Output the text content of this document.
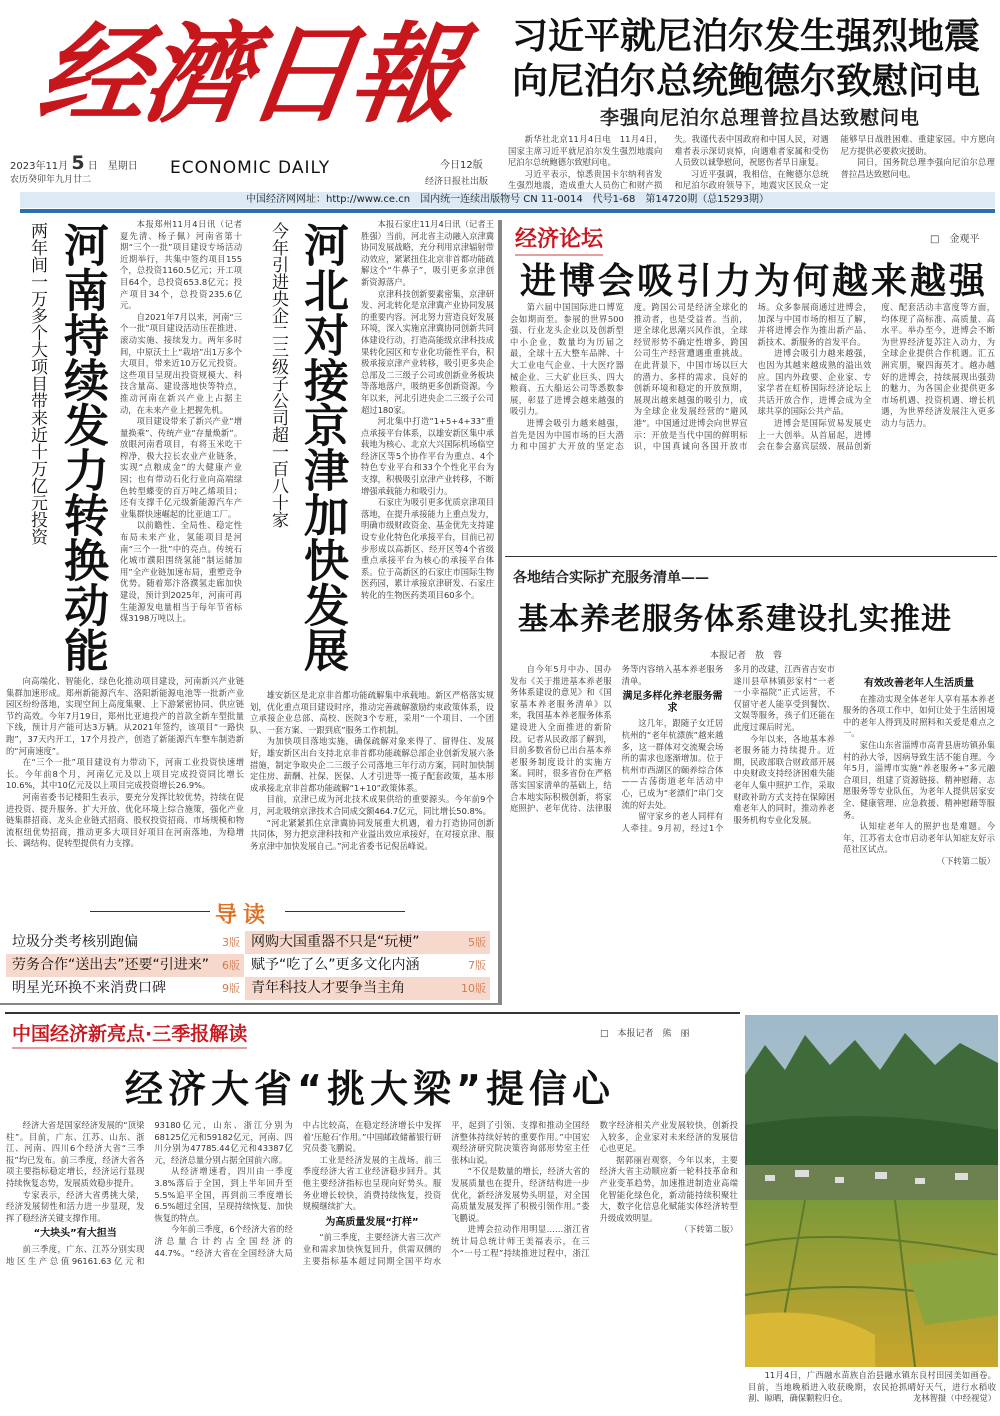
经濟日報
2023年11月 5 日　 星期日
农历癸卯年九月廿二
ECONOMIC DAILY	今日12版
经济日报社出版
习近平就尼泊尔发生强烈地震
向尼泊尔总统鲍德尔致慰问电
李强向尼泊尔总理普拉昌达致慰问电

新华社北京11月4日电　11月4日，国家主席习近平就尼泊尔发生强烈地震向尼泊尔总统鲍德尔致慰问电。

习近平表示，惊悉贵国卡尔纳利省发生强烈地震，造成重大人员伤亡和财产损失。我谨代表中国政府和中国人民，对遇难者表示深切哀悼，向遇难者家属和受伤人员致以诚挚慰问，祝愿伤者早日康复。

习近平强调，我相信，在鲍德尔总统和尼泊尔政府领导下，地震灾区民众一定能够早日战胜困难、重建家园。中方愿向尼方提供必要救灾援助。

同日，国务院总理李强向尼泊尔总理普拉昌达致慰问电。

中国经济网网址：http://www.ce.cn　国内统一连续出版物号 CN 11-0014　代号1-68　第14720期（总15293期）
两年间一万多个大项目带来近十万亿元投资 河南持续发力转换动能	本报郑州11月4日讯（记者夏先清、杨子佩）河南省第十期“三个一批”项目建设专场活动近期举行，共集中签约项目155个，总投资1160.5亿元；开工项目64个，总投资653.8亿元；投产项目34个，总投资235.6亿元。

自2021年7月以来，河南“三个一批”项目建设活动压茬推进、滚动实施、接续发力。两年多时间，中原沃土上“栽培”出1万多个大项目，带来近10万亿元投资。这些项目呈现出投资规模大、科技含量高、建设落地快等特点，推动河南在新兴产业上占据主动，在未来产业上把握先机。

项目建设带来了新兴产业“增量换乘”、传统产业“存量焕新”。放眼河南看项目，有将玉米吃干榨净，极大拉长农业产业链条，实现“点粮成金”的大健康产业园；也有带动石化行业向高端绿色转型蝶变的百万吨乙烯项目；还有支撑千亿元级新能源汽车产业集群快速崛起的比亚迪工厂。

以前瞻性、全局性、稳定性布局未来产业，氢能项目是河南“三个一批”中的亮点。传统石化城市濮阳围绕氢能“制运储加用”全产业链加速布局，重塑竞争优势。随着郑汴洛濮氢走廊加快建设，预计到2025年，河南可再生能源发电量相当于每年节省标煤3198万吨以上。

向高端化、智能化、绿色化推动项目建设，河南新兴产业链集群加速形成。郑州新能源汽车、洛阳新能源电池等一批新产业园区纷纷落地，实现空间上高度集聚、上下游紧密协同、供应链节约高效。今年7月19日，郑州比亚迪投产的首款全新车型批量下线，预计月产能可达3万辆。从2021年签约，该项目“一路快跑”，37天内开工，17个月投产，创造了新能源汽车整车制造新的“河南速度”。

在“三个一批”项目建设有力带动下，河南工业投资快速增长。今年前8个月，河南亿元及以上项目完成投资同比增长10.6%，其中10亿元及以上项目完成投资增长26.9%。

河南省委书记楼阳生表示，要充分发挥比较优势，持续在促进投资、提升服务、扩大开放、优化环境上综合施策，强化产业链集群招商、龙头企业链式招商、股权投资招商、市场规模和物流枢纽优势招商，推动更多大项目好项目在河南落地，为稳增长、调结构、促转型提供有力支撑。

今年引进央企二三级子公司超一百八十家 河北对接京津加快发展	本报石家庄11月4日讯（记者王胜强）当前，河北省主动融入京津冀协同发展战略，充分利用京津辐射带动效应，紧紧扭住北京非首都功能疏解这个“牛鼻子”，吸引更多京津创新资源落户。

京津科技创新要素密集，京津研发、河北转化是京津冀产业协同发展的重要内容。河北努力营造良好发展环境，深入实施京津冀协同创新共同体建设行动，打造高能级京津科技成果转化园区和专业化功能性平台，积极承接京津产业转移，吸引更多央企总部及二三级子公司或创新业务板块等落地落户，吸纳更多创新资源。今年以来，河北引进央企二三级子公司超过180家。

河北集中打造“1+5+4+33”重点承接平台体系，以雄安新区集中承载地为核心、北京大兴国际机场临空经济区等5个协作平台为重点、4个特色专业平台和33个个性化平台为支撑，积极吸引京津产业转移，不断增强承载能力和吸引力。

石家庄为吸引更多优质京津项目落地，在提升承接能力上重点发力，明确市级财政资金、基金优先支持建设专业化特色化承接平台，目前已初步形成以高新区、经开区等4个省级重点承接平台为核心的承接平台体系。位于高新区的石家庄市国际生物医药园，累计承接京津研发、石家庄转化的生物医药类项目60多个。

雄安新区是北京非首都功能疏解集中承载地。新区严格落实规划，优化重点项目建设时序，推动完善疏解激励约束政策体系，设立承接企业总部、高校、医院3个专班，采用“一个项目、一个团队、一套方案、一跟到底”服务工作机制。

为加快项目落地实施，确保疏解对象来得了、留得住、发展好，雄安新区出台支持北京非首都功能疏解总部企业创新发展六条措施，制定争取央企二三级子公司落地三年行动方案，同时加快制定住房、薪酬、社保、医保、人才引进等一揽子配套政策，基本形成承接北京非首都功能疏解“1+10”政策体系。

目前，京津已成为河北技术成果供给的重要源头。今年前9个月，河北吸纳京津技术合同成交额464.7亿元，同比增长50.8%。

“河北紧紧抓住京津冀协同发展重大机遇，着力打造协同创新共同体，努力把京津科技和产业溢出效应承接好，在对接京津、服务京津中加快发展自己。”河北省委书记倪岳峰说。

导读
垃圾分类考核别跑偏	3版
劳务合作“送出去”还要“引进来” 6版
明星光环换不来消费口碑	9版
网购大国重器不只是“玩梗”	5版
赋予“吃了么”更多文化内涵	7版
青年科技人才要争当主角	10版
经济论坛	□　金观平
进博会吸引力为何越来越强

第六届中国国际进口博览会如期而至。参展的世界500强、行业龙头企业以及创新型中小企业，数量均为历届之最，全球十五大整车品牌、十大工业电气企业、十大医疗器械企业、三大矿业巨头、四大粮商、五大船运公司等悉数参展，彰显了进博会越来越强的吸引力。

进博会吸引力越来越强，首先是因为中国市场的巨大潜力和中国扩大开放的坚定态度。跨国公司是经济全球化的推动者，也是受益者。当前，逆全球化思潮兴风作浪，全球经贸形势不确定性增多，跨国公司生产经营遭遇重重挑战。在此背景下，中国市场以巨大的潜力、多样的需求、良好的创新环境和稳定的开放预期，展现出越来越强的吸引力，成为全球企业发展经营的“避风港”。中国通过进博会向世界宣示：开放是当代中国的鲜明标识，中国真诚向各国开放市场。众多参展商通过进博会，加深与中国市场的相互了解，并将进博会作为推出新产品、新技术、新服务的首发平台。

进博会吸引力越来越强，也因为其越来越成熟的溢出效应。国内外政要、企业家、专家学者在虹桥国际经济论坛上共话开放合作，进博会成为全球共享的国际公共产品。

进博会是国际贸易发展史上一大创举。从首届起，进博会在参会嘉宾层级、展品创新度、配套活动丰富度等方面，均体现了高标准、高质量、高水平。举办至今，进博会不断为世界经济复苏注入动力，为全球企业提供合作机遇。汇五洲宾朋，聚四海英才。越办越好的进博会，持续展现出强劲的魅力，为各国企业提供更多市场机遇、投资机遇、增长机遇，为世界经济发展注入更多动力与活力。

各地结合实际扩充服务清单——
基本养老服务体系建设扎实推进
本报记者　敖　蓉

自今年5月中办、国办发布《关于推进基本养老服务体系建设的意见》和《国家基本养老服务清单》以来，我国基本养老服务体系建设进入全面推进的新阶段。记者从民政部了解到，目前多数省份已出台基本养老服务制度设计的实施方案。同时，很多省份在严格落实国家清单的基础上，结合本地实际积极创新，将家庭照护、老年优待、法律服务等内容纳入基本养老服务清单。

满足多样化养老服务需求

这几年，跟随子女迁居杭州的“老年杭漂族”越来越多，这一群体对交流聚会场所的需求也逐渐增加。位于杭州市西湖区的颐养综合体——古荡街道老年活动中心，已成为“老漂们”串门交流的好去处。

留守家乡的老人同样有人牵挂。9月初，经过1个多月的改建，江西省吉安市遂川县草林镇彭家村“一老一小幸福院”正式运营，不仅留守老人能享受到餐饮、文娱等服务，孩子们还能在此度过课后时光。

今年以来，各地基本养老服务能力持续提升。近期，民政部联合财政部开展中央财政支持经济困难失能老年人集中照护工作，采取财政补助方式支持在保障困难老年人的同时，推动养老服务机构专业化发展。

有效改善老年人生活质量

在推动实现全体老年人享有基本养老服务的各项工作中，如何让处于生活困境中的老年人得到及时照料和关爱是难点之一。

家住山东省淄博市高青县唐坊镇孙集村的孙大爷，因病导致生活不能自理。今年5月，淄博市实施“养老服务+”多元融合项目，组建了资源链接、精神慰藉、志愿服务等专业队伍，为老年人提供居家安全、健康管理、应急救援、精神慰藉等服务。

认知症老年人的照护也是难题。今年，江苏省太仓市启动老年认知症友好示范社区试点。

（下转第二版）
中国经济新亮点·三季报解读	□　本报记者　熊　丽
经济大省“挑大梁”提信心

经济大省是国家经济发展的“顶梁柱”。目前，广东、江苏、山东、浙江、河南、四川6个经济大省“三季报”均已发布。前三季度，经济大省各项主要指标稳定增长，经济运行显现持续恢复态势，发展质效稳步提升。

专家表示，经济大省勇挑大梁，经济发展韧性和活力进一步显现，发挥了稳经济关键支撑作用。

“大块头”有大担当

前三季度，广东、江苏分别实现地区生产总值96161.63亿元和93180亿元，山东、浙江分别为68125亿元和59182亿元，河南、四川分别为47785.44亿元和43387亿元，经济总量分别占据全国前六席。

从经济增速看，四川由一季度3.8%落后于全国，到上半年回升至5.5%追平全国，再到前三季度增长6.5%超过全国，呈现持续恢复、加快恢复的特点。

今年前三季度，6个经济大省的经济总量合计约占全国经济的44.7%。“经济大省在全国经济大局中占比较高，在稳定经济增长中发挥着‘压舱石’作用。”中国邮政储蓄银行研究员娄飞鹏说。

工业是经济发展的主战场。前三季度经济大省工业经济稳步回升。其他主要经济指标也呈现向好势头。服务业增长较快，消费持续恢复，投资规模继续扩大。

为高质量发展“打样”

“前三季度，主要经济大省三次产业和需求加快恢复回升，供需双侧的主要指标基本超过同期全国平均水平，起到了引领、支撑和推动全国经济整体持续好转的重要作用。”中国宏观经济研究院决策咨询部形势室主任张林山说。

“不仅是数量的增长，经济大省的发展质量也在提升，经济结构进一步优化，新经济发展势头明显，对全国高质量发展发挥了积极引领作用。”娄飞鹏说。

进博会拉动作用明显……浙江省统计局总统计师王美福表示，在三个“一号工程”持续推进过程中，浙江数字经济相关产业发展较快，创新投入较多，企业家对未来经济的发展信心也更足。

据郭丽岩观察，今年以来，主要经济大省主动顺应新一轮科技革命和产业变革趋势，加速推进制造业高端化智能化绿色化，新动能持续积聚壮大，数字化信息化赋能实体经济转型升级成效明显。

（下转第二版）

11月4日，广西融水苗族自治县融水镇东良村田园美如画卷。目前，当地晚稻进入收获晚期，农民抢抓晴好天气，进行水稻收割、晾晒，确保颗粒归仓。	龙林智摄（中经视觉）
